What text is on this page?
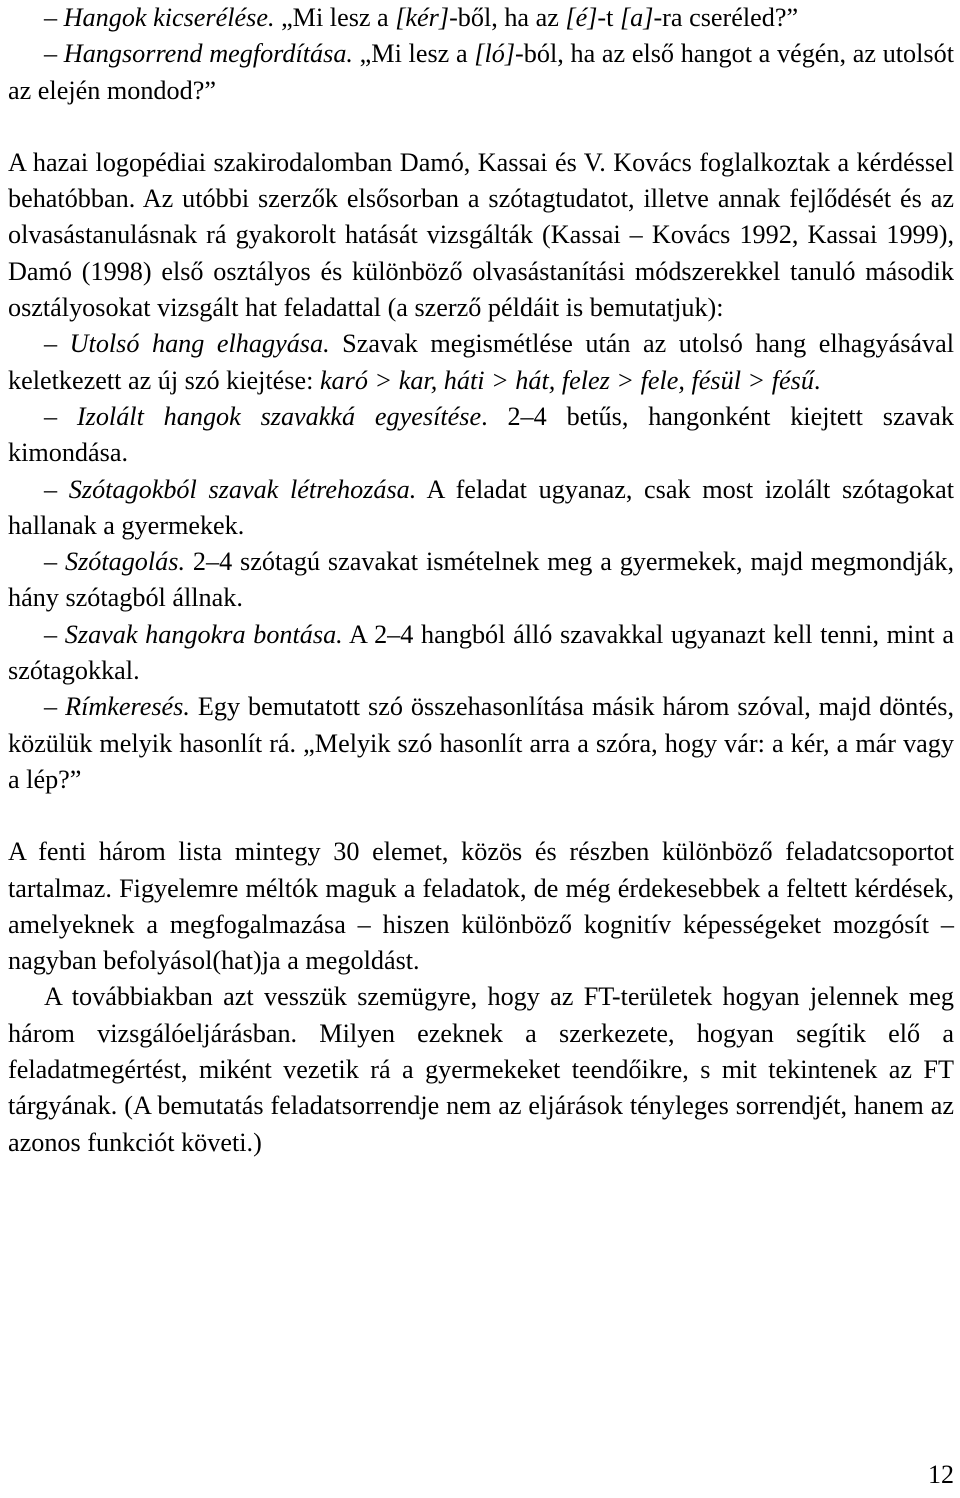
– Hangok kicserélése. „Mi lesz a [kér]-ből, ha az [é]-t [a]-ra cseréled?”

– Hangsorrend megfordítása. „Mi lesz a [ló]-ból, ha az első hangot a végén, az utolsót az elején mondod?”

A hazai logopédiai szakirodalomban Damó, Kassai és V. Kovács foglalkoztak a kérdéssel behatóbban. Az utóbbi szerzők elsősorban a szótagtudatot, illetve annak fejlődését és az olvasástanulásnak rá gyakorolt hatását vizsgálták (Kassai – Kovács 1992, Kassai 1999), Damó (1998) első osztályos és különböző olvasástanítási módszerekkel tanuló második osztályosokat vizsgált hat feladattal (a szerző példáit is bemutatjuk):

– Utolsó hang elhagyása. Szavak megismétlése után az utolsó hang elhagyásával keletkezett az új szó kiejtése: karó > kar, háti > hát, felez > fele, fésül > fésű.

– Izolált hangok szavakká egyesítése. 2–4 betűs, hangonként kiejtett szavak kimondása.

– Szótagokból szavak létrehozása. A feladat ugyanaz, csak most izolált szótagokat hallanak a gyermekek.

– Szótagolás. 2–4 szótagú szavakat ismételnek meg a gyermekek, majd megmondják, hány szótagból állnak.

– Szavak hangokra bontása. A 2–4 hangból álló szavakkal ugyanazt kell tenni, mint a szótagokkal.

– Rímkeresés. Egy bemutatott szó összehasonlítása másik három szóval, majd döntés, közülük melyik hasonlít rá. „Melyik szó hasonlít arra a szóra, hogy vár: a kér, a már vagy a lép?”

A fenti három lista mintegy 30 elemet, közös és részben különböző feladatcsoportot tartalmaz. Figyelemre méltók maguk a feladatok, de még érdekesebbek a feltett kérdések, amelyeknek a megfogalmazása – hiszen különböző kognitív képességeket mozgósít – nagyban befolyásol(hat)ja a megoldást.

A továbbiakban azt vesszük szemügyre, hogy az FT-területek hogyan jelennek meg három vizsgálóeljárásban. Milyen ezeknek a szerkezete, hogyan segítik elő a feladatmegértést, miként vezetik rá a gyermekeket teendőikre, s mit tekintenek az FT tárgyának. (A bemutatás feladatsorrendje nem az eljárások tényleges sorrendjét, hanem az azonos funkciót követi.)

12
